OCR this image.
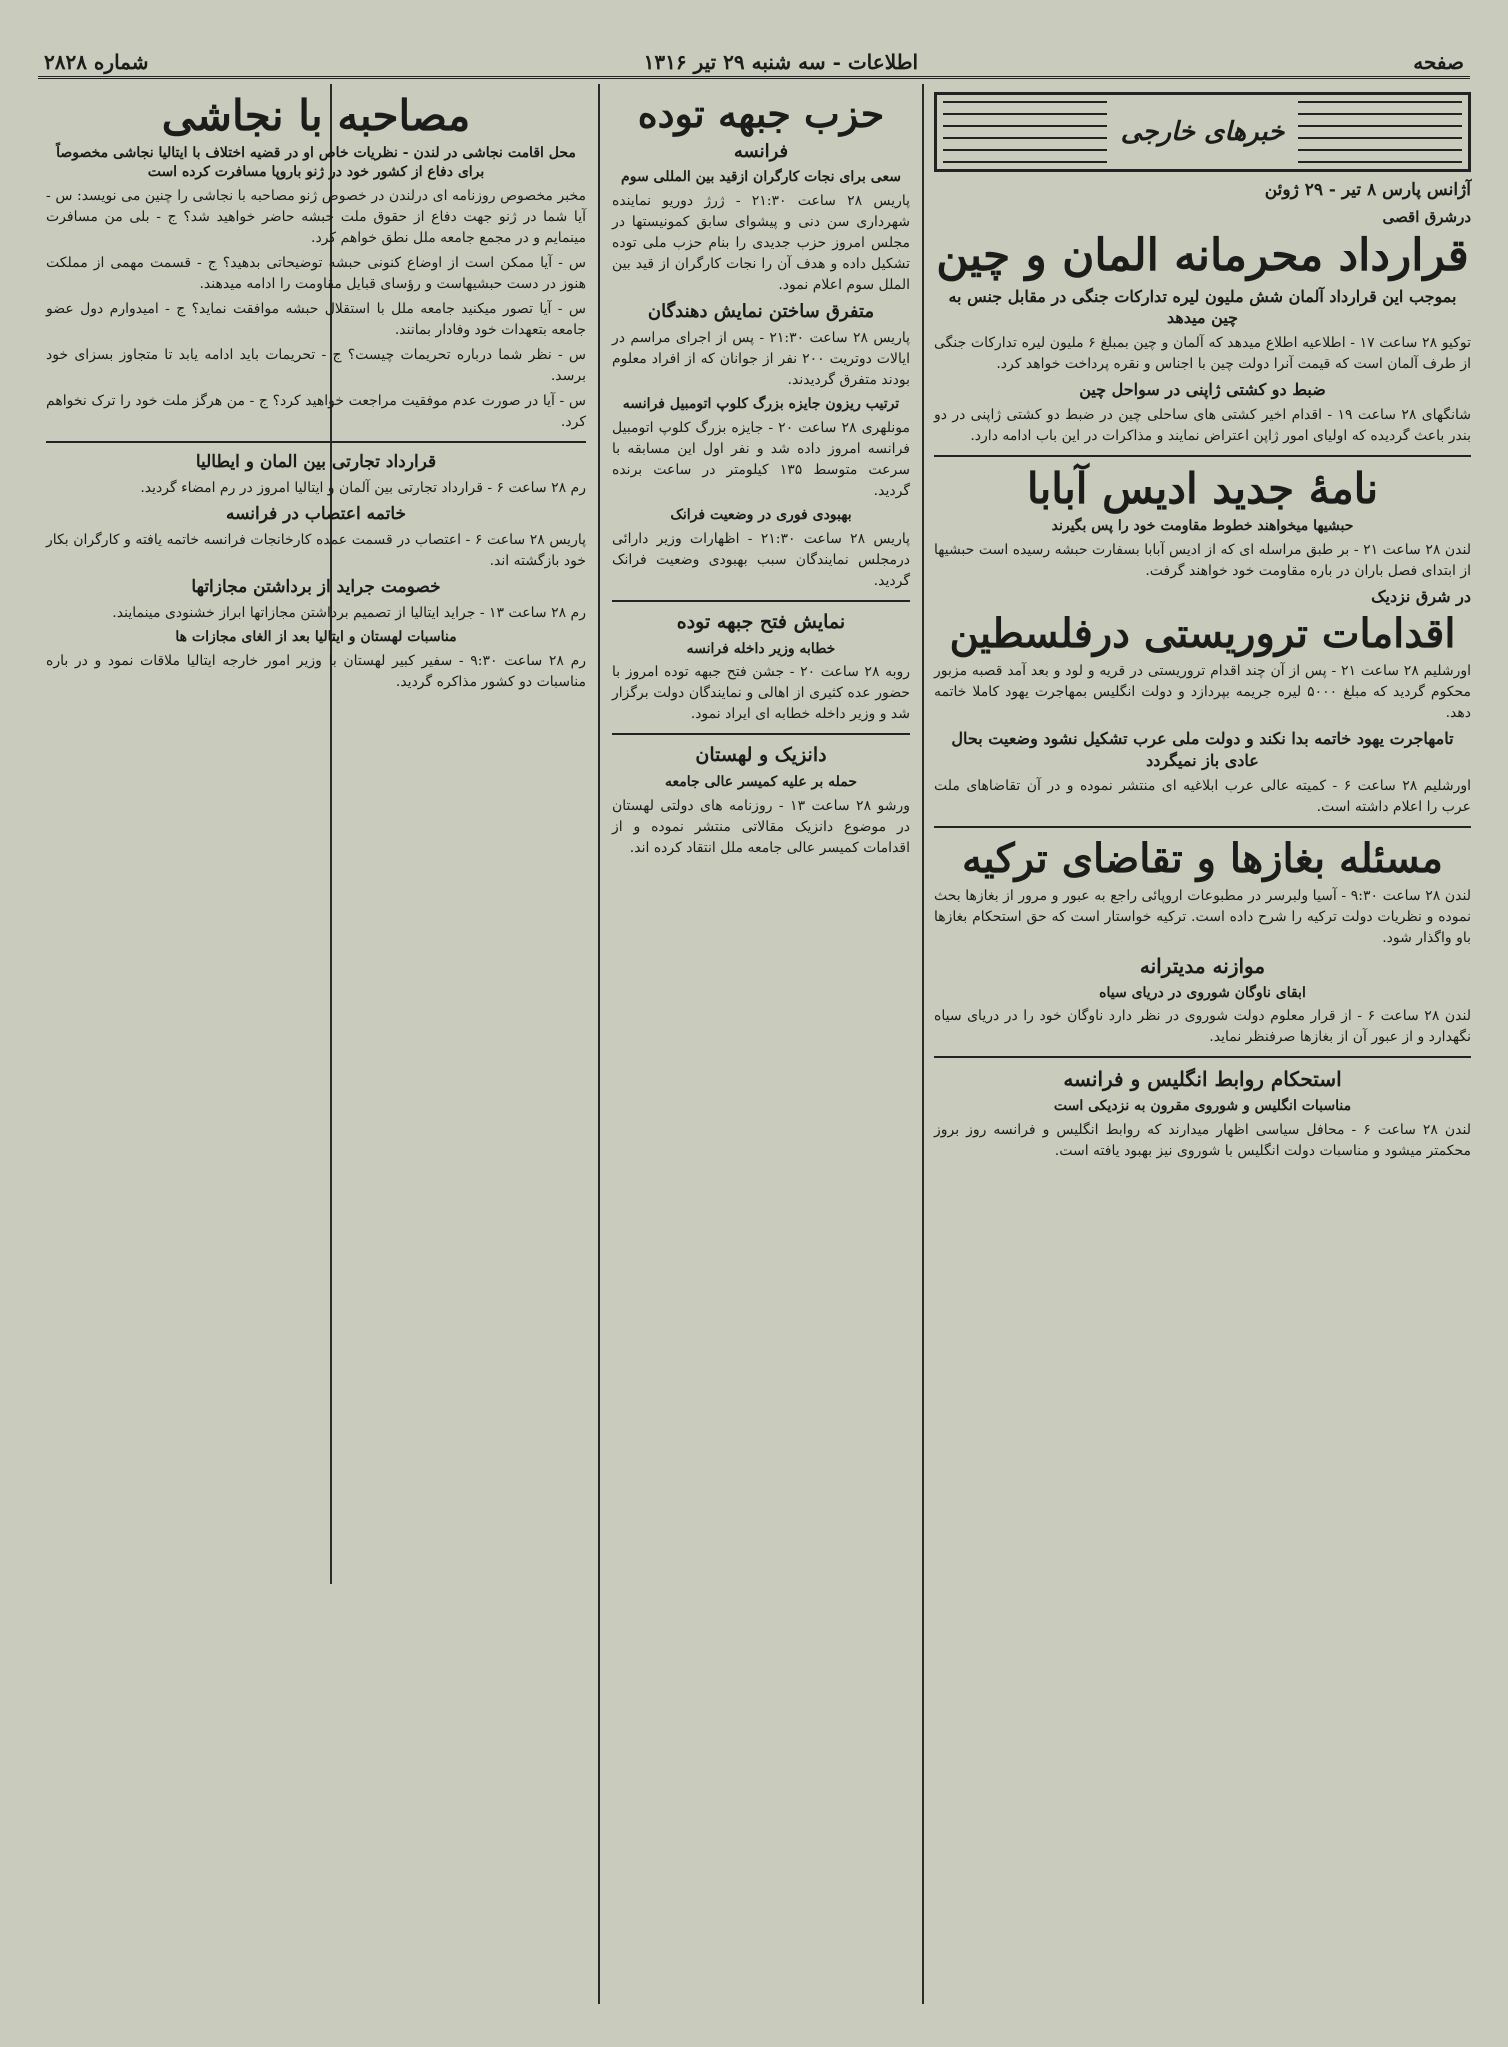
صفحه
اطلاعات - سه شنبه ۲۹ تیر ۱۳۱۶
شماره ۲۸۲۸
خبرهای خارجی
آژانس پارس ۸ تیر - ۲۹ ژوئن
درشرق اقصی
قرارداد محرمانه المان و چین
بموجب این قرارداد آلمان شش ملیون لیره تدارکات جنگی در مقابل جنس به چین میدهد

توکیو ۲۸ ساعت ۱۷ - اطلاعیه اطلاع میدهد که آلمان و چین بمبلغ ۶ ملیون لیره تدارکات جنگی از طرف آلمان است که قیمت آنرا دولت چین با اجناس و نقره پرداخت خواهد کرد.

ضبط دو کشتی ژاپنی در سواحل چین

شانگهای ۲۸ ساعت ۱۹ - اقدام اخیر کشتی های ساحلی چین در ضبط دو کشتی ژاپنی در دو بندر باعث گردیده که اولیای امور ژاپن اعتراض نمایند و مذاکرات در این باب ادامه دارد.

نامهٔ جدید ادیس آبابا
حبشیها میخواهند خطوط مقاومت خود را پس بگیرند

لندن ۲۸ ساعت ۲۱ - بر طبق مراسله ای که از ادیس آبابا بسفارت حبشه رسیده است حبشیها از ابتدای فصل باران در باره مقاومت خود خواهند گرفت.

در شرق نزدیک
اقدامات تروریستی درفلسطین

اورشلیم ۲۸ ساعت ۲۱ - پس از آن چند اقدام تروریستی در قریه و لود و بعد آمد قصبه مزبور محکوم گردید که مبلغ ۵۰۰۰ لیره جریمه بپردازد و دولت انگلیس بمهاجرت یهود کاملا خاتمه دهد.

تامهاجرت یهود خاتمه بدا نکند و دولت ملی عرب تشکیل نشود وضعیت بحال عادی باز نمیگردد

اورشلیم ۲۸ ساعت ۶ - کمیته عالی عرب ابلاغیه ای منتشر نموده و در آن تقاضاهای ملت عرب را اعلام داشته است.

مسئله بغازها و تقاضای ترکیه

لندن ۲۸ ساعت ۹:۳۰ - آسیا ولبرسر در مطبوعات اروپائی راجع به عبور و مرور از بغازها بحث نموده و نظریات دولت ترکیه را شرح داده است. ترکیه خواستار است که حق استحکام بغازها باو واگذار شود.

موازنه مدیترانه
ابقای ناوگان شوروی در دریای سیاه

لندن ۲۸ ساعت ۶ - از قرار معلوم دولت شوروی در نظر دارد ناوگان خود را در دریای سیاه نگهدارد و از عبور آن از بغازها صرفنظر نماید.

استحکام روابط انگلیس و فرانسه
مناسبات انگلیس و شوروی مقرون به نزدیکی است

لندن ۲۸ ساعت ۶ - محافل سیاسی اظهار میدارند که روابط انگلیس و فرانسه روز بروز محکمتر میشود و مناسبات دولت انگلیس با شوروی نیز بهبود یافته است.

حزب جبهه توده
فرانسه
سعی برای نجات کارگران ازقید بین المللی سوم

پاریس ۲۸ ساعت ۲۱:۳۰ - ژرژ دوریو نماینده شهرداری سن دنی و پیشوای سابق کمونیستها در مجلس امروز حزب جدیدی را بنام حزب ملی توده تشکیل داده و هدف آن را نجات کارگران از قید بین الملل سوم اعلام نمود.

متفرق ساختن نمایش دهندگان

پاریس ۲۸ ساعت ۲۱:۳۰ - پس از اجرای مراسم در ایالات دوتریت ۲۰۰ نفر از جوانان که از افراد معلوم بودند متفرق گردیدند.

ترتیب ریزون جایزه بزرگ کلوپ اتومبیل فرانسه

مونلهری ۲۸ ساعت ۲۰ - جایزه بزرگ کلوپ اتومبیل فرانسه امروز داده شد و نفر اول این مسابقه با سرعت متوسط ۱۳۵ کیلومتر در ساعت برنده گردید.

بهبودی فوری در وضعیت فرانک

پاریس ۲۸ ساعت ۲۱:۳۰ - اظهارات وزیر دارائی درمجلس نمایندگان سبب بهبودی وضعیت فرانک گردید.

نمایش فتح جبهه توده
خطابه وزیر داخله فرانسه

روبه ۲۸ ساعت ۲۰ - جشن فتح جبهه توده امروز با حضور عده کثیری از اهالی و نمایندگان دولت برگزار شد و وزیر داخله خطابه ای ایراد نمود.

دانزیک و لهستان
حمله بر علیه کمیسر عالی جامعه

ورشو ۲۸ ساعت ۱۳ - روزنامه های دولتی لهستان در موضوع دانزیک مقالاتی منتشر نموده و از اقدامات کمیسر عالی جامعه ملل انتقاد کرده اند.

مصاحبه با نجاشی
محل اقامت نجاشی در لندن - نظریات خاص او در قضیه اختلاف با ایتالیا نجاشی مخصوصاً برای دفاع از کشور خود در ژنو باروپا مسافرت کرده است

مخبر مخصوص روزنامه ای درلندن در خصوص ژنو مصاحبه با نجاشی را چنین می نویسد: س - آیا شما در ژنو جهت دفاع از حقوق ملت حبشه حاضر خواهید شد؟ ج - بلی من مسافرت مینمایم و در مجمع جامعه ملل نطق خواهم کرد.

س - آیا ممکن است از اوضاع کنونی حبشه توضیحاتی بدهید؟ ج - قسمت مهمی از مملکت هنوز در دست حبشیهاست و رؤسای قبایل مقاومت را ادامه میدهند.

س - آیا تصور میکنید جامعه ملل با استقلال حبشه موافقت نماید؟ ج - امیدوارم دول عضو جامعه بتعهدات خود وفادار بمانند.

س - نظر شما درباره تحریمات چیست؟ ج - تحریمات باید ادامه یابد تا متجاوز بسزای خود برسد.

س - آیا در صورت عدم موفقیت مراجعت خواهید کرد؟ ج - من هرگز ملت خود را ترک نخواهم کرد.

قرارداد تجارتی بین المان و ایطالیا

رم ۲۸ ساعت ۶ - قرارداد تجارتی بین آلمان و ایتالیا امروز در رم امضاء گردید.

خاتمه اعتصاب در فرانسه

پاریس ۲۸ ساعت ۶ - اعتصاب در قسمت عمده کارخانجات فرانسه خاتمه یافته و کارگران بکار خود بازگشته اند.

خصومت جراید از برداشتن مجازاتها

رم ۲۸ ساعت ۱۳ - جراید ایتالیا از تصمیم برداشتن مجازاتها ابراز خشنودی مینمایند.

مناسبات لهستان و ایتالیا بعد از الغای مجازات ها

رم ۲۸ ساعت ۹:۳۰ - سفیر کبیر لهستان با وزیر امور خارجه ایتالیا ملاقات نمود و در باره مناسبات دو کشور مذاکره گردید.
